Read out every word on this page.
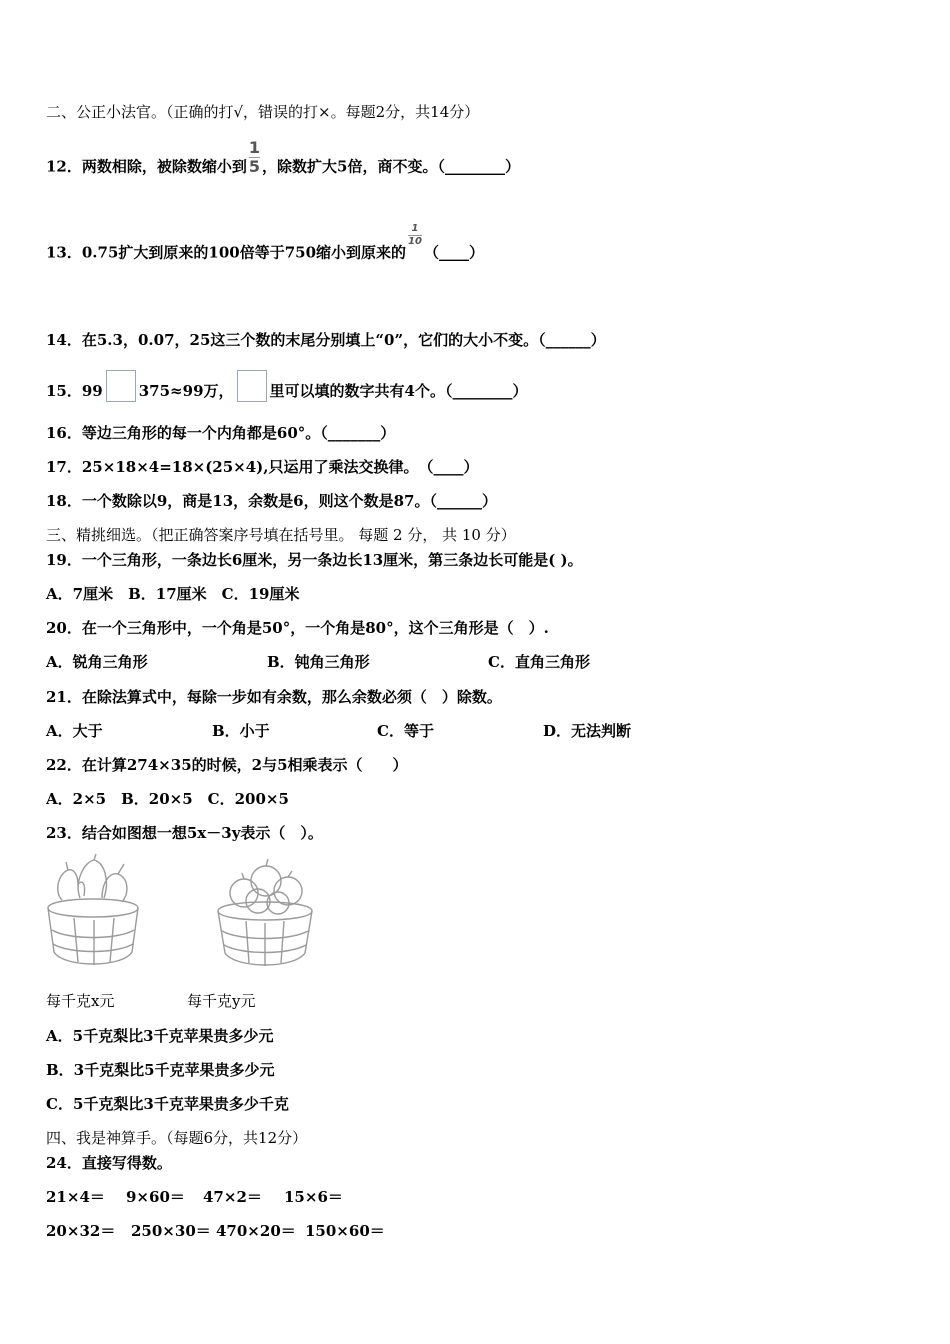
二、公正小法官。（正确的打√，错误的打×。每题2分，共14分）
12．两数相除，被除数缩小到 $\frac{1}{5}$ ，除数扩大5倍，商不变。（________）
13．0.75扩大到原来的100倍等于750缩小到原来的
$\frac{1}{10}$
（____）
14．在5.3，0.07，25这三个数的末尾分别填上“0”，它们的大小不变。（______）
15．99 375≈99万， 里可以填的数字共有4个。（________）
16．等边三角形的每一个内角都是60°。（_______）
17．25×18×4=18×(25×4),只运用了乘法交换律。　（____）
18．一个数除以9，商是13，余数是6，则这个数是87。（______）
三、精挑细选。（把正确答案序号填在括号里。 每题 2 分， 共 10 分）
19．一个三角形，一条边长6厘米，另一条边长13厘米，第三条边长可能是( )。
A．7厘米　B．17厘米　C．19厘米
20．在一个三角形中，一个角是50°，一个角是80°，这个三角形是（　）.
A．锐角三角形	B．钝角三角形	C．直角三角形
21．在除法算式中，每除一步如有余数，那么余数必须（　）除数。
A．大于	B．小于	C．等于	D．无法判断
22．在计算274×35的时候，2与5相乘表示（　　）
A．2×5　B．20×5　C．200×5
23．结合如图想一想5x－3y表示（　）。
每千克x元	每千克y元
A．5千克梨比3千克苹果贵多少元
B．3千克梨比5千克苹果贵多少元
C．5千克梨比3千克苹果贵多少千克
四、我是神算手。（每题6分，共12分）
24．直接写得数。
21×4＝ 9×60＝ 47×2＝ 15×6＝
20×32＝ 250×30＝ 470×20＝ 150×60＝
